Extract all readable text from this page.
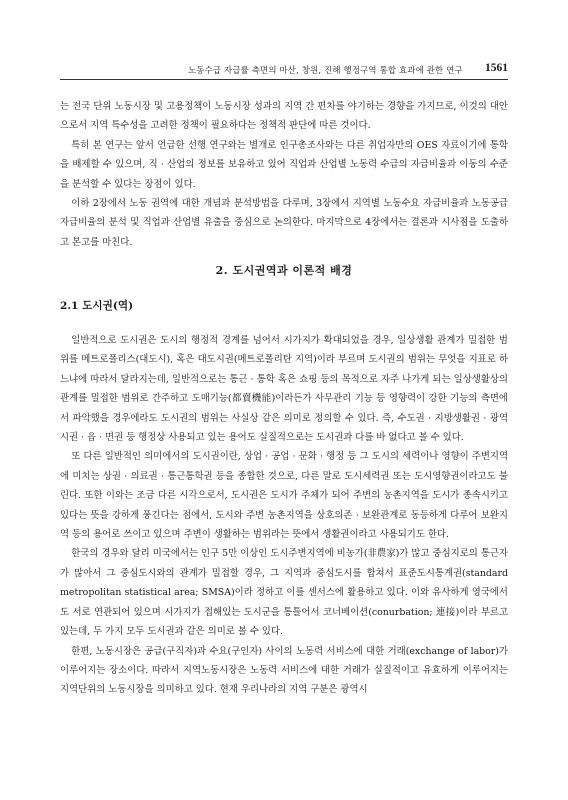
노동수급 자급률 측면의 마산, 창원, 진해 행정구역 통합 효과에 관한 연구 1561

는 전국 단위 노동시장 및 고용정책이 노동시장 성과의 지역 간 편차를 야기하는 경향을 가지므로, 이것의 대안으로서 지역 특수성을 고려한 정책이 필요하다는 정책적 판단에 따른 것이다.

특히 본 연구는 앞서 언급한 선행 연구와는 별개로 인구총조사와는 다른 취업자만의 OES 자료이기에 통학을 배제할 수 있으며, 직 · 산업의 정보를 보유하고 있어 직업과 산업별 노동력 수급의 자급비율과 이동의 수준을 분석할 수 있다는 장점이 있다.

이하 2장에서 노동 권역에 대한 개념과 분석방법을 다루며, 3장에서 지역별 노동수요 자급비율과 노동공급 자급비율의 분석 및 직업과 산업별 유출을 중심으로 논의한다. 마지막으로 4장에서는 결론과 시사점을 도출하고 본고를 마친다.

2. 도시권역과 이론적 배경
2.1 도시권(역)

일반적으로 도시권은 도시의 행정적 경계를 넘어서 시가지가 확대되었을 경우, 일상생활 관계가 밀접한 범위를 메트로폴리스(대도시), 혹은 대도시권(메트로폴리탄 지역)이라 부르며 도시권의 범위는 무엇을 지표로 하느냐에 따라서 달라지는데, 일반적으로는 통근 · 통학 혹은 쇼핑 등의 목적으로 자주 나가게 되는 일상생활상의 관계를 밀접한 범위로 간주하고 도매기능(都賣機能)이라든가 사무관리 기능 등 영향력이 강한 기능의 측면에서 파악했을 경우에라도 도시권의 범위는 사실상 같은 의미로 정의할 수 있다. 즉, 수도권 · 지방생활권 · 광역시권 · 읍 · 면권 등 행정상 사용되고 있는 용어도 실질적으로는 도시권과 다를 바 없다고 볼 수 있다.

또 다른 일반적인 의미에서의 도시권이란, 상업 · 공업 · 문화 · 행정 등 그 도시의 세력이나 영향이 주변지역에 미치는 상권 · 의료권 · 통근통학권 등을 종합한 것으로, 다른 말로 도시세력권 또는 도시영향권이라고도 불린다. 또한 이와는 조금 다른 시각으로서, 도시권은 도시가 주체가 되어 주변의 농촌지역을 도시가 종속시키고 있다는 뜻을 강하게 풍긴다는 점에서, 도시와 주변 농촌지역을 상호의존 · 보완관계로 동등하게 다루어 보완지역 등의 용어로 쓰이고 있으며 주변이 생활하는 범위라는 뜻에서 생활권이라고 사용되기도 한다.

한국의 경우와 달리 미국에서는 인구 5만 이상인 도시주변지역에 비농가(非農家)가 많고 중심지로의 통근자가 많아서 그 중심도시와의 관계가 밀접할 경우, 그 지역과 중심도시를 합쳐서 표준도시통계권(standard metropolitan statistical area; SMSA)이라 정하고 이를 센서스에 활용하고 있다. 이와 유사하게 영국에서도 서로 연관되어 있으며 시가지가 접해있는 도시군을 통틀어서 코너베이션(conurbation; 連接)이라 부르고 있는데, 두 가지 모두 도시권과 같은 의미로 볼 수 있다.

한편, 노동시장은 공급(구직자)과 수요(구인자) 사이의 노동력 서비스에 대한 거래(exchange of labor)가 이루어지는 장소이다. 따라서 지역노동시장은 노동력 서비스에 대한 거래가 실질적이고 유효하게 이루어지는 지역단위의 노동시장을 의미하고 있다. 현재 우리나라의 지역 구분은 광역시
